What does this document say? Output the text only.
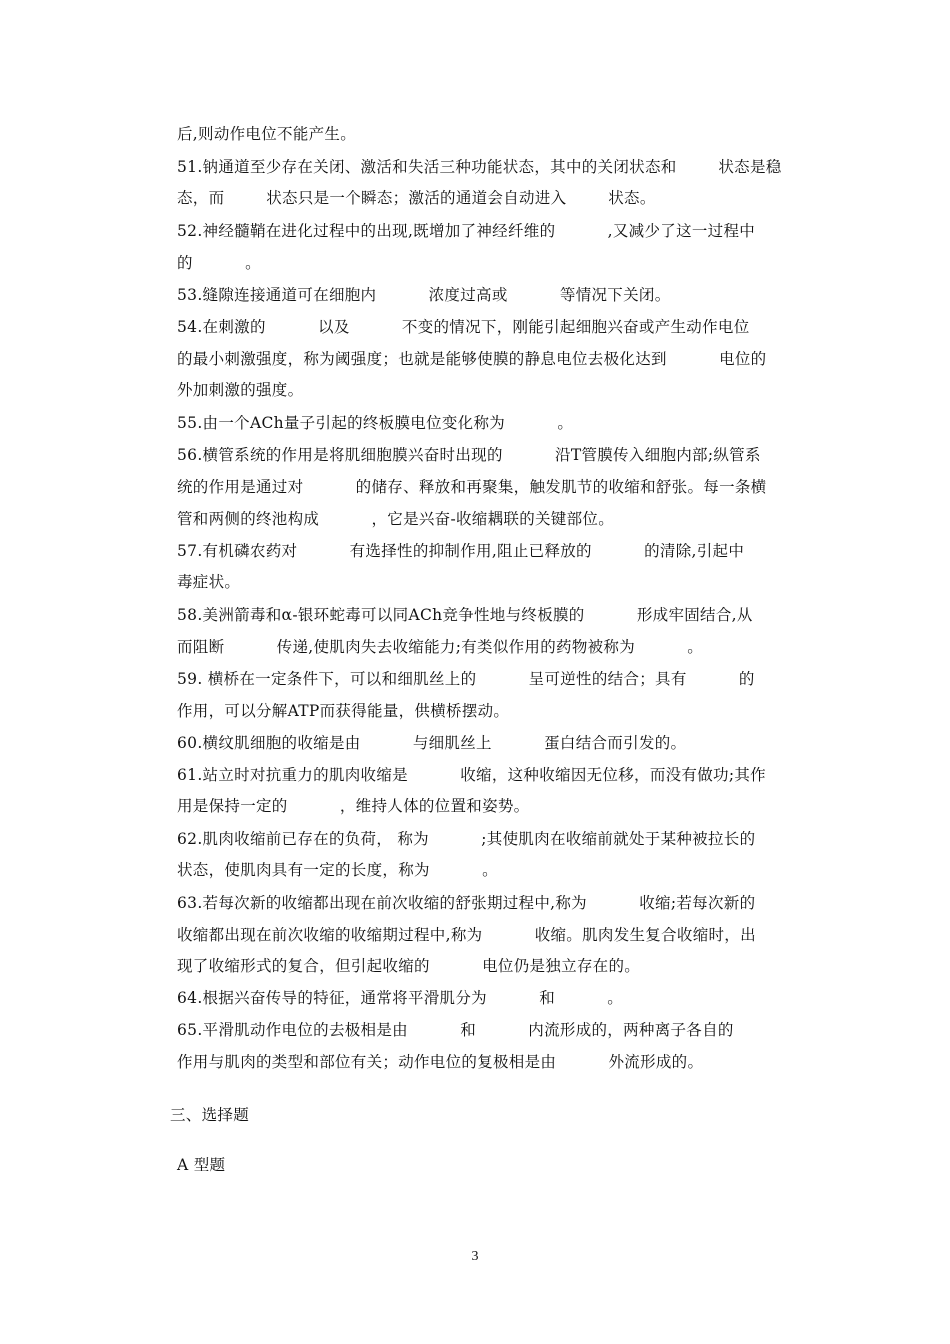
后,则动作电位不能产生。
51.钠通道至少存在关闭、激活和失活三种功能状态，其中的关闭状态和        状态是稳
态，而        状态只是一个瞬态；激活的通道会自动进入        状态。
52.神经髓鞘在进化过程中的出现,既增加了神经纤维的          ,又减少了这一过程中
的          。
53.缝隙连接通道可在细胞内          浓度过高或          等情况下关闭。
54.在刺激的          以及          不变的情况下，刚能引起细胞兴奋或产生动作电位
的最小刺激强度，称为阈强度；也就是能够使膜的静息电位去极化达到          电位的
外加刺激的强度。
55.由一个ACh量子引起的终板膜电位变化称为          。
56.横管系统的作用是将肌细胞膜兴奋时出现的          沿T管膜传入细胞内部;纵管系
统的作用是通过对          的储存、释放和再聚集，触发肌节的收缩和舒张。每一条横
管和两侧的终池构成          ，它是兴奋-收缩耦联的关键部位。
57.有机磷农药对          有选择性的抑制作用,阻止已释放的          的清除,引起中
毒症状。
58.美洲箭毒和α-银环蛇毒可以同ACh竞争性地与终板膜的          形成牢固结合,从
而阻断          传递,使肌肉失去收缩能力;有类似作用的药物被称为          。
59. 横桥在一定条件下，可以和细肌丝上的          呈可逆性的结合；具有          的
作用，可以分解ATP而获得能量，供横桥摆动。
60.横纹肌细胞的收缩是由          与细肌丝上          蛋白结合而引发的。
61.站立时对抗重力的肌肉收缩是          收缩，这种收缩因无位移，而没有做功;其作
用是保持一定的          ，维持人体的位置和姿势。
62.肌肉收缩前已存在的负荷， 称为          ;其使肌肉在收缩前就处于某种被拉长的
状态，使肌肉具有一定的长度，称为          。
63.若每次新的收缩都出现在前次收缩的舒张期过程中,称为          收缩;若每次新的
收缩都出现在前次收缩的收缩期过程中,称为          收缩。肌肉发生复合收缩时，出
现了收缩形式的复合，但引起收缩的          电位仍是独立存在的。
64.根据兴奋传导的特征，通常将平滑肌分为          和          。
65.平滑肌动作电位的去极相是由          和          内流形成的，两种离子各自的
作用与肌肉的类型和部位有关；动作电位的复极相是由          外流形成的。
三、选择题
A 型题
3
